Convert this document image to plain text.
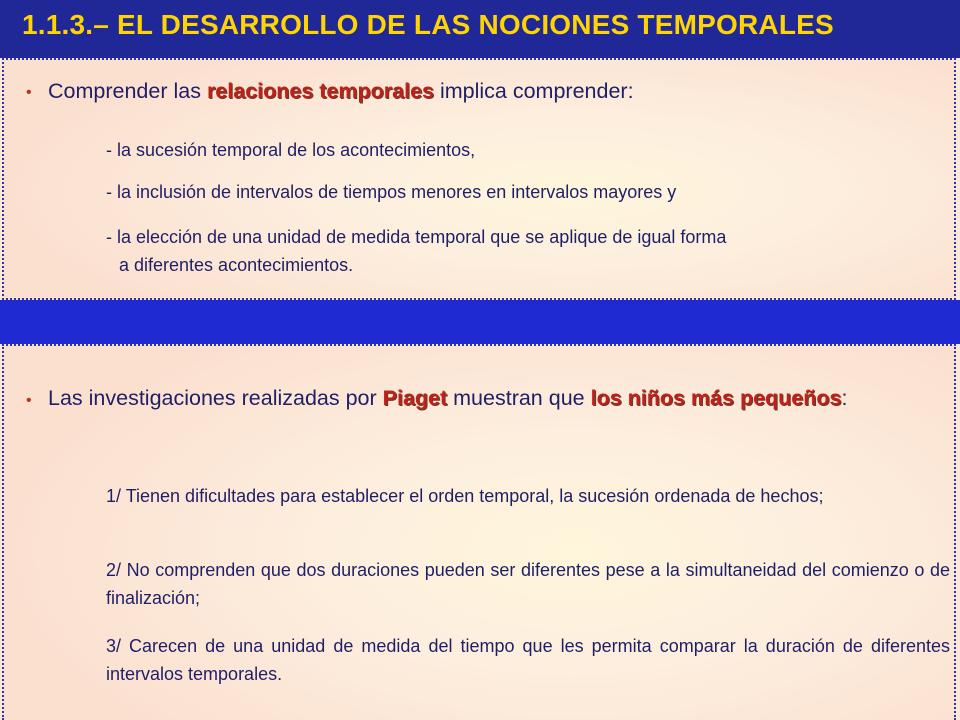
1.1.3.– EL DESARROLLO DE LAS NOCIONES TEMPORALES
• Comprender las relaciones temporales implica comprender:
- la sucesión temporal de los acontecimientos,
- la inclusión de intervalos de tiempos menores en intervalos mayores y
- la elección de una unidad de medida temporal que se aplique de igual forma
a diferentes acontecimientos.
• Las investigaciones realizadas por Piaget muestran que los niños más pequeños:
1/ Tienen dificultades para establecer el orden temporal, la sucesión ordenada de hechos;
2/ No comprenden que dos duraciones pueden ser diferentes pese a la simultaneidad del comienzo o de finalización;
3/ Carecen de una unidad de medida del tiempo que les permita comparar la duración de diferentes intervalos temporales.
